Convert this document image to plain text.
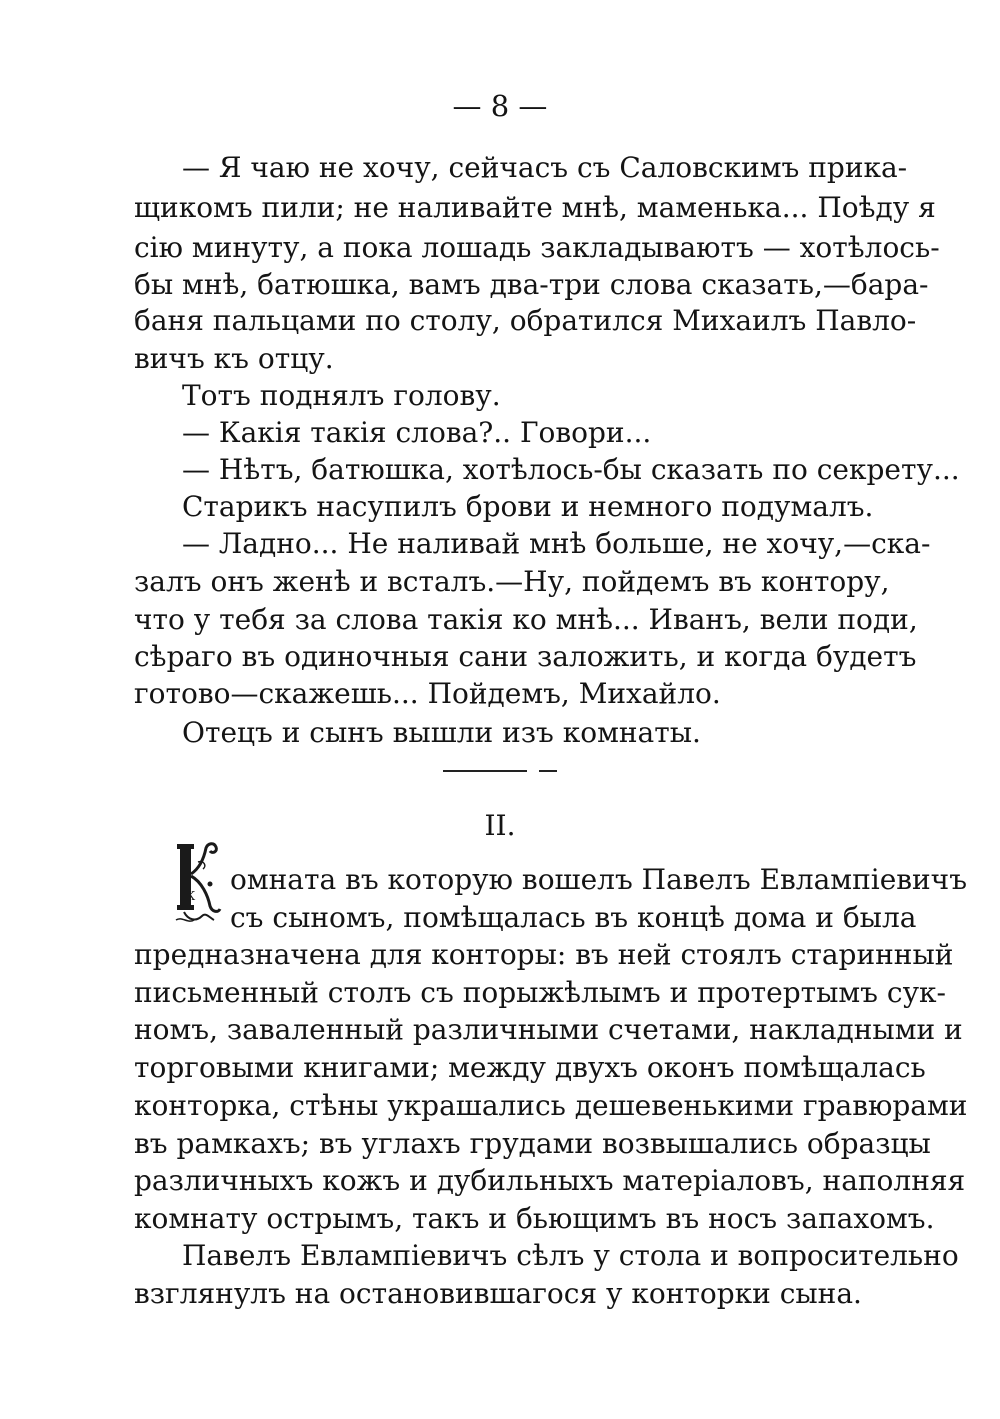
— 8 —
— Я чаю не хочу, сейчасъ съ Саловскимъ прика-
щикомъ пили; не наливайте мнѣ, маменька... Поѣду я
сію минуту, а пока лошадь закладываютъ — хотѣлось-
бы мнѣ, батюшка, вамъ два-три слова сказать,—бара-
баня пальцами по столу, обратился Михаилъ Павло-
вичъ къ отцу.
Тотъ поднялъ голову.
— Какія такія слова?.. Говори...
— Нѣтъ, батюшка, хотѣлось-бы сказать по секрету...
Старикъ насупилъ брови и немного подумалъ.
— Ладно... Не наливай мнѣ больше, не хочу,—ска-
залъ онъ женѣ и всталъ.—Ну, пойдемъ въ контору,
что у тебя за слова такія ко мнѣ... Иванъ, вели поди,
сѣраго въ одиночныя сани заложить, и когда будетъ
готово—скажешь... Пойдемъ, Михайло.
Отецъ и сынъ вышли изъ комнаты.
II.
К омната въ которую вошелъ Павелъ Евлампіевичъ
съ сыномъ, помѣщалась въ концѣ дома и была
предназначена для конторы: въ ней стоялъ старинный
письменный столъ съ порыжѣлымъ и протертымъ сук-
номъ, заваленный различными счетами, накладными и
торговыми книгами; между двухъ оконъ помѣщалась
конторка, стѣны украшались дешевенькими гравюрами
въ рамкахъ; въ углахъ грудами возвышались образцы
различныхъ кожъ и дубильныхъ матеріаловъ, наполняя
комнату острымъ, такъ и бьющимъ въ носъ запахомъ.
Павелъ Евлампіевичъ сѣлъ у стола и вопросительно
взглянулъ на остановившагося у конторки сына.
